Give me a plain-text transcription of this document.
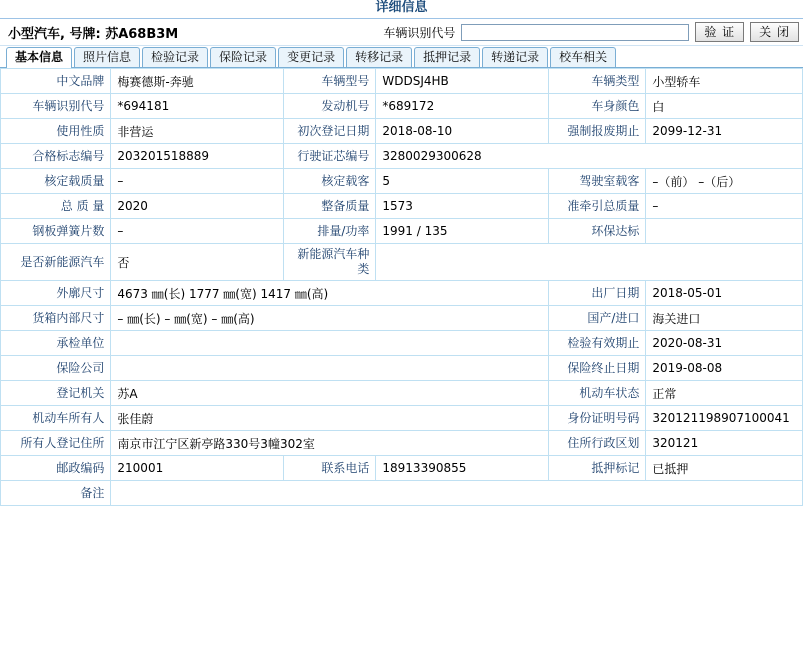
详细信息
小型汽车, 号牌: 苏A68B3M	车辆识别代号	验 证	关 闭
基本信息	照片信息	检验记录	保险记录	变更记录	转移记录	抵押记录	转递记录	校车相关
中文品牌	梅赛德斯-奔驰	车辆型号	WDDSJ4HB	车辆类型	小型轿车
车辆识别代号	*694181	发动机号	*689172	车身颜色	白
使用性质	非营运	初次登记日期	2018-08-10	强制报废期止	2099-12-31
合格标志编号	203201518889	行驶证芯编号	3280029300628		
核定载质量	–	核定载客	5	驾驶室载客	–（前） –（后）
总 质 量	2020	整备质量	1573	准牵引总质量	–
钢板弹簧片数	–	排量/功率	1991 / 135	环保达标	
是否新能源汽车	否	新能源汽车种类			
外廓尺寸	4673 ㎜(长) 1777 ㎜(宽) 1417 ㎜(高)			出厂日期	2018-05-01
货箱内部尺寸	– ㎜(长) – ㎜(宽) – ㎜(高)			国产/进口	海关进口
承检单位				检验有效期止	2020-08-31
保险公司				保险终止日期	2019-08-08
登记机关	苏A			机动车状态	正常
机动车所有人	张佳蔚			身份证明号码	320121198907100041
所有人登记住所	南京市江宁区新亭路330号3幢302室			住所行政区划	320121
邮政编码	210001	联系电话	18913390855	抵押标记	已抵押
备注					
